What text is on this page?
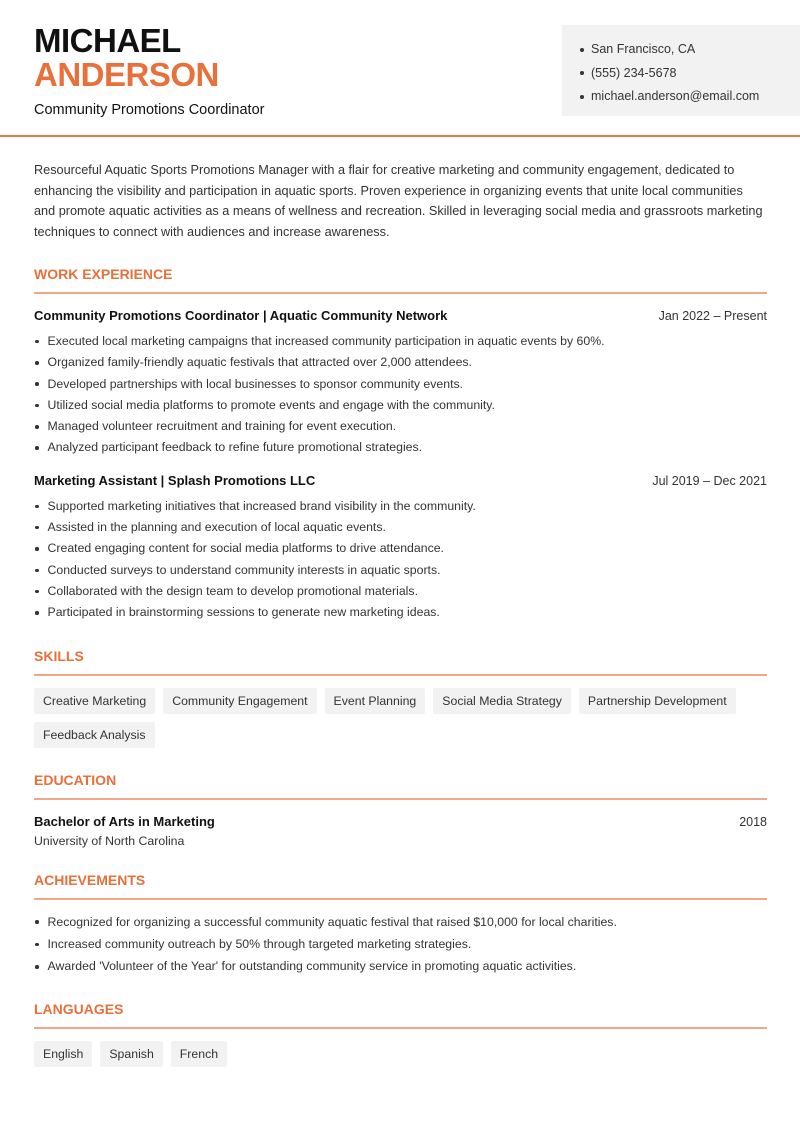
MICHAEL
ANDERSON
Community Promotions Coordinator
San Francisco, CA
(555) 234-5678
michael.anderson@email.com

Resourceful Aquatic Sports Promotions Manager with a flair for creative marketing and community engagement, dedicated to enhancing the visibility and participation in aquatic sports. Proven experience in organizing events that unite local communities and promote aquatic activities as a means of wellness and recreation. Skilled in leveraging social media and grassroots marketing techniques to connect with audiences and increase awareness.

WORK EXPERIENCE
Community Promotions Coordinator | Aquatic Community Network	Jan 2022 – Present
Executed local marketing campaigns that increased community participation in aquatic events by 60%.
Organized family-friendly aquatic festivals that attracted over 2,000 attendees.
Developed partnerships with local businesses to sponsor community events.
Utilized social media platforms to promote events and engage with the community.
Managed volunteer recruitment and training for event execution.
Analyzed participant feedback to refine future promotional strategies.
Marketing Assistant | Splash Promotions LLC	Jul 2019 – Dec 2021
Supported marketing initiatives that increased brand visibility in the community.
Assisted in the planning and execution of local aquatic events.
Created engaging content for social media platforms to drive attendance.
Conducted surveys to understand community interests in aquatic sports.
Collaborated with the design team to develop promotional materials.
Participated in brainstorming sessions to generate new marketing ideas.
SKILLS
Creative Marketing	Community Engagement	Event Planning	Social Media Strategy	Partnership Development
Feedback Analysis
EDUCATION
Bachelor of Arts in Marketing	2018
University of North Carolina
ACHIEVEMENTS
Recognized for organizing a successful community aquatic festival that raised $10,000 for local charities.
Increased community outreach by 50% through targeted marketing strategies.
Awarded 'Volunteer of the Year' for outstanding community service in promoting aquatic activities.
LANGUAGES
English	Spanish	French
